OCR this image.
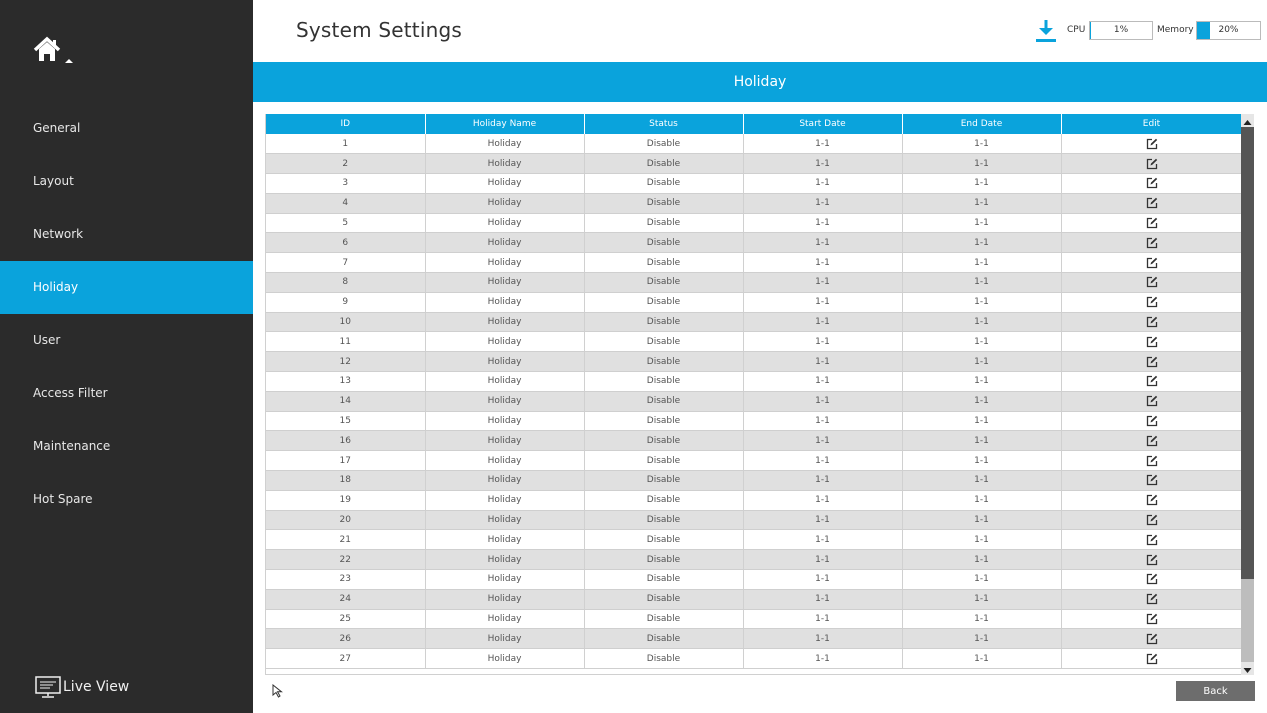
General
Layout
Network
Holiday
User
Access Filter
Maintenance
Hot Spare
Live View
System Settings	CPU	1%	Memory	20%
Holiday
ID	Holiday Name	Status	Start Date	End Date	Edit
1	Holiday	Disable	1-1	1-1	
2	Holiday	Disable	1-1	1-1	
3	Holiday	Disable	1-1	1-1	
4	Holiday	Disable	1-1	1-1	
5	Holiday	Disable	1-1	1-1	
6	Holiday	Disable	1-1	1-1	
7	Holiday	Disable	1-1	1-1	
8	Holiday	Disable	1-1	1-1	
9	Holiday	Disable	1-1	1-1	
10	Holiday	Disable	1-1	1-1	
11	Holiday	Disable	1-1	1-1	
12	Holiday	Disable	1-1	1-1	
13	Holiday	Disable	1-1	1-1	
14	Holiday	Disable	1-1	1-1	
15	Holiday	Disable	1-1	1-1	
16	Holiday	Disable	1-1	1-1	
17	Holiday	Disable	1-1	1-1	
18	Holiday	Disable	1-1	1-1	
19	Holiday	Disable	1-1	1-1	
20	Holiday	Disable	1-1	1-1	
21	Holiday	Disable	1-1	1-1	
22	Holiday	Disable	1-1	1-1	
23	Holiday	Disable	1-1	1-1	
24	Holiday	Disable	1-1	1-1	
25	Holiday	Disable	1-1	1-1	
26	Holiday	Disable	1-1	1-1	
27	Holiday	Disable	1-1	1-1	
Back
